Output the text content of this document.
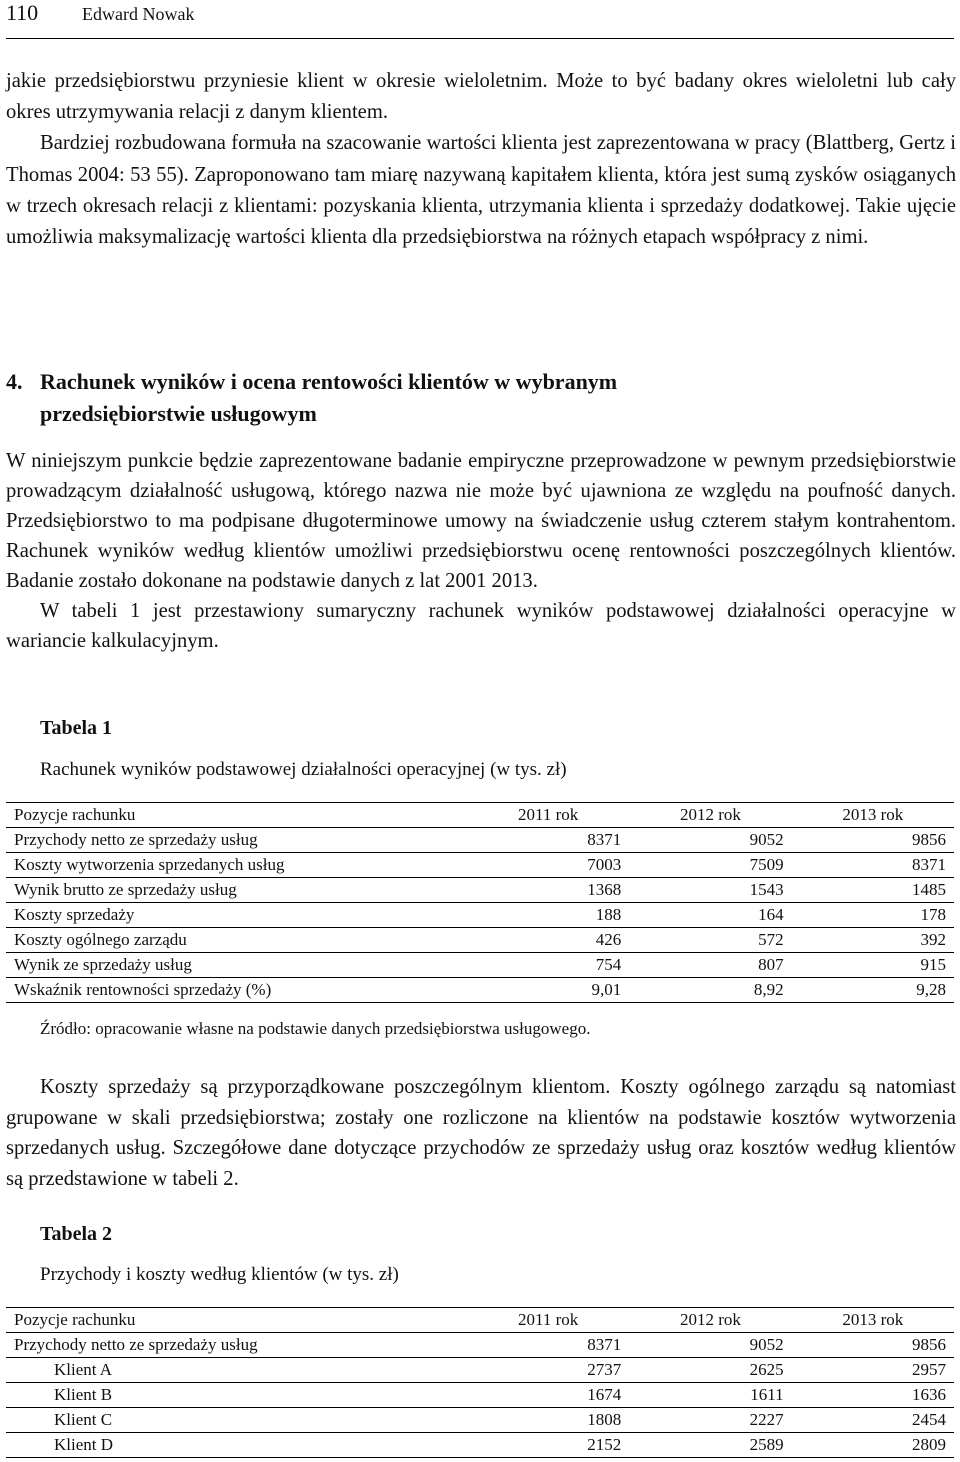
110 Edward Nowak
jakie przedsiębiorstwu przyniesie klient w okresie wieloletnim. Może to być badany okres wieloletni lub cały okres utrzymywania relacji z danym klientem.
Bardziej rozbudowana formuła na szacowanie wartości klienta jest zaprezentowana w pracy (Blattberg, Gertz i Thomas 2004: 53 55). Zaproponowano tam miarę nazywaną kapitałem klienta, która jest sumą zysków osiąganych w trzech okresach relacji z klientami: pozyskania klienta, utrzymania klienta i sprzedaży dodatkowej. Takie ujęcie umożliwia maksymalizację wartości klienta dla przedsiębiorstwa na różnych etapach współpracy z nimi.
4. Rachunek wyników i ocena rentowości klientów w wybranym
przedsiębiorstwie usługowym
W niniejszym punkcie będzie zaprezentowane badanie empiryczne przeprowadzone w pewnym przedsiębiorstwie prowadzącym działalność usługową, którego nazwa nie może być ujawniona ze względu na poufność danych. Przedsiębiorstwo to ma podpisane długoterminowe umowy na świadczenie usług czterem stałym kontrahentom. Rachunek wyników według klientów umożliwi przedsiębiorstwu ocenę rentowności poszczególnych klientów. Badanie zostało dokonane na podstawie danych z lat 2001 2013.
W tabeli 1 jest przestawiony sumaryczny rachunek wyników podstawowej działalności operacyjne w wariancie kalkulacyjnym.
Tabela 1
Rachunek wyników podstawowej działalności operacyjnej (w tys. zł)
Pozycje rachunku	2011 rok	2012 rok	2013 rok
Przychody netto ze sprzedaży usług	8371	9052	9856
Koszty wytworzenia sprzedanych usług	7003	7509	8371
Wynik brutto ze sprzedaży usług	1368	1543	1485
Koszty sprzedaży	188	164	178
Koszty ogólnego zarządu	426	572	392
Wynik ze sprzedaży usług	754	807	915
Wskaźnik rentowności sprzedaży (%)	9,01	8,92	9,28
Źródło: opracowanie własne na podstawie danych przedsiębiorstwa usługowego.
Koszty sprzedaży są przyporządkowane poszczególnym klientom. Koszty ogólnego zarządu są natomiast grupowane w skali przedsiębiorstwa; zostały one rozliczone na klientów na podstawie kosztów wytworzenia sprzedanych usług. Szczegółowe dane dotyczące przychodów ze sprzedaży usług oraz kosztów według klientów są przedstawione w tabeli 2.
Tabela 2
Przychody i koszty według klientów (w tys. zł)
Pozycje rachunku	2011 rok	2012 rok	2013 rok
Przychody netto ze sprzedaży usług	8371	9052	9856
Klient A	2737	2625	2957
Klient B	1674	1611	1636
Klient C	1808	2227	2454
Klient D	2152	2589	2809
